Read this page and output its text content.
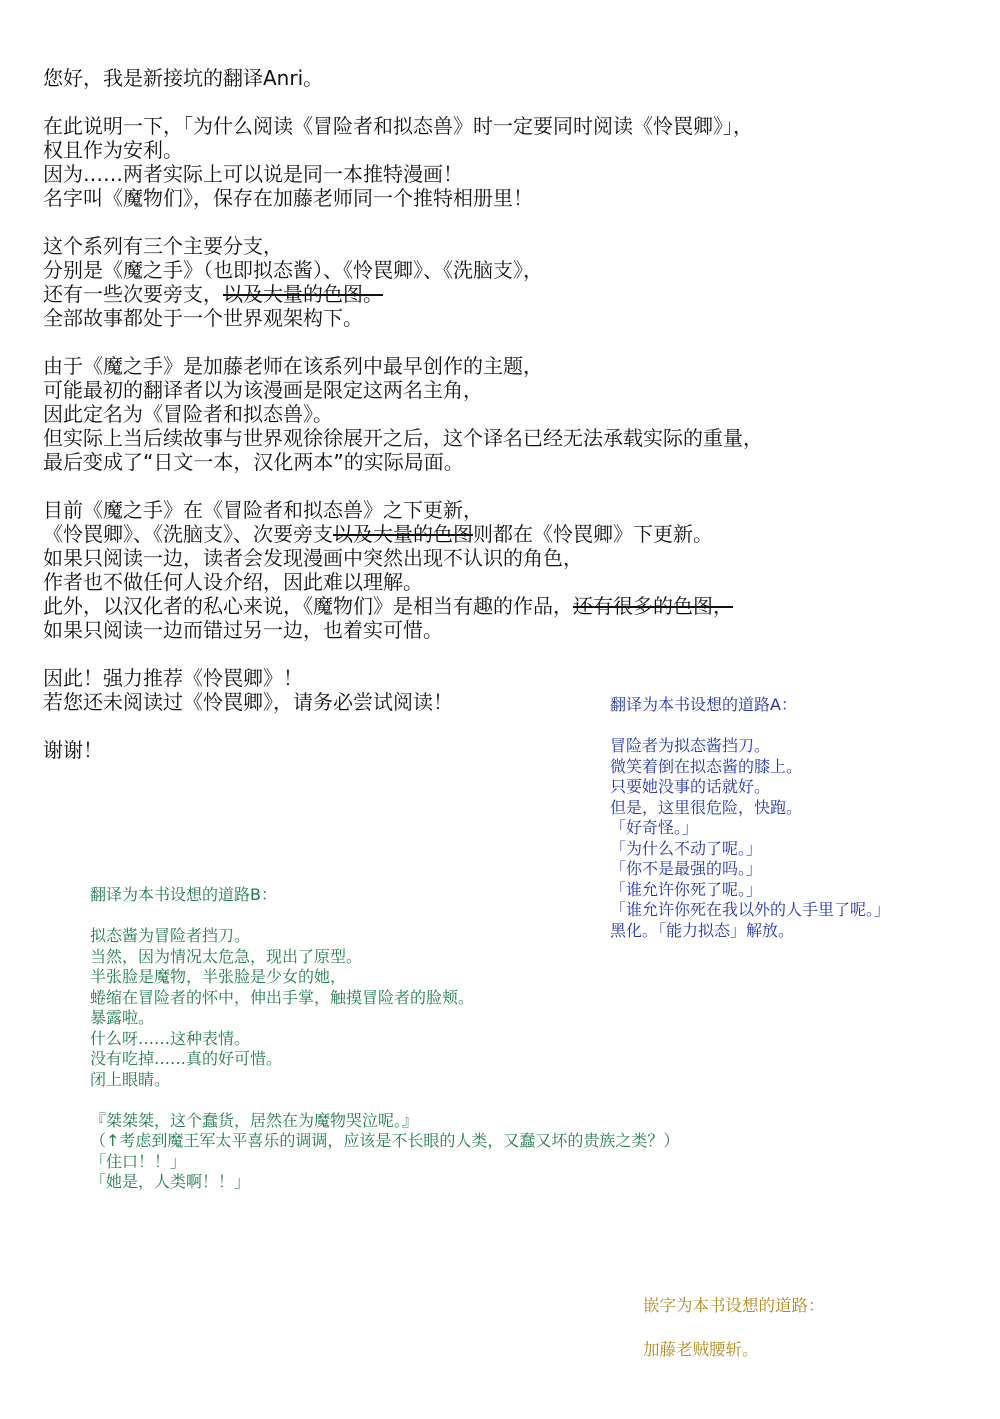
您好，我是新接坑的翻译Anri。
在此说明一下，「为什么阅读《冒险者和拟态兽》时一定要同时阅读《怜罠卿》」，
权且作为安利。
因为……两者实际上可以说是同一本推特漫画！
名字叫《魔物们》，保存在加藤老师同一个推特相册里！
这个系列有三个主要分支，
分别是《魔之手》（也即拟态酱）、《怜罠卿》、《洗脑支》，
还有一些次要旁支，以及大量的色图。
全部故事都处于一个世界观架构下。
由于《魔之手》是加藤老师在该系列中最早创作的主题，
可能最初的翻译者以为该漫画是限定这两名主角，
因此定名为《冒险者和拟态兽》。
但实际上当后续故事与世界观徐徐展开之后，这个译名已经无法承载实际的重量，
最后变成了“日文一本，汉化两本”的实际局面。
目前《魔之手》在《冒险者和拟态兽》之下更新，
《怜罠卿》、《洗脑支》、次要旁支以及大量的色图则都在《怜罠卿》下更新。
如果只阅读一边，读者会发现漫画中突然出现不认识的角色，
作者也不做任何人设介绍，因此难以理解。
此外，以汉化者的私心来说，《魔物们》是相当有趣的作品，还有很多的色图，
如果只阅读一边而错过另一边，也着实可惜。
因此！强力推荐《怜罠卿》！
若您还未阅读过《怜罠卿》，请务必尝试阅读！
谢谢！
翻译为本书设想的道路A：
冒险者为拟态酱挡刀。
微笑着倒在拟态酱的膝上。
只要她没事的话就好。
但是，这里很危险，快跑。
「好奇怪。」
「为什么不动了呢。」
「你不是最强的吗。」
「谁允许你死了呢。」
「谁允许你死在我以外的人手里了呢。」
黑化。「能力拟态」解放。
翻译为本书设想的道路B：
拟态酱为冒险者挡刀。
当然，因为情况太危急，现出了原型。
半张脸是魔物，半张脸是少女的她，
蜷缩在冒险者的怀中，伸出手掌，触摸冒险者的脸颊。
暴露啦。
什么呀……这种表情。
没有吃掉……真的好可惜。
闭上眼睛。
『桀桀桀，这个蠢货，居然在为魔物哭泣呢。』
（↑考虑到魔王军太平喜乐的调调，应该是不长眼的人类，又蠢又坏的贵族之类？）
「住口！！」
「她是，人类啊！！」
嵌字为本书设想的道路：
加藤老贼腰斩。
